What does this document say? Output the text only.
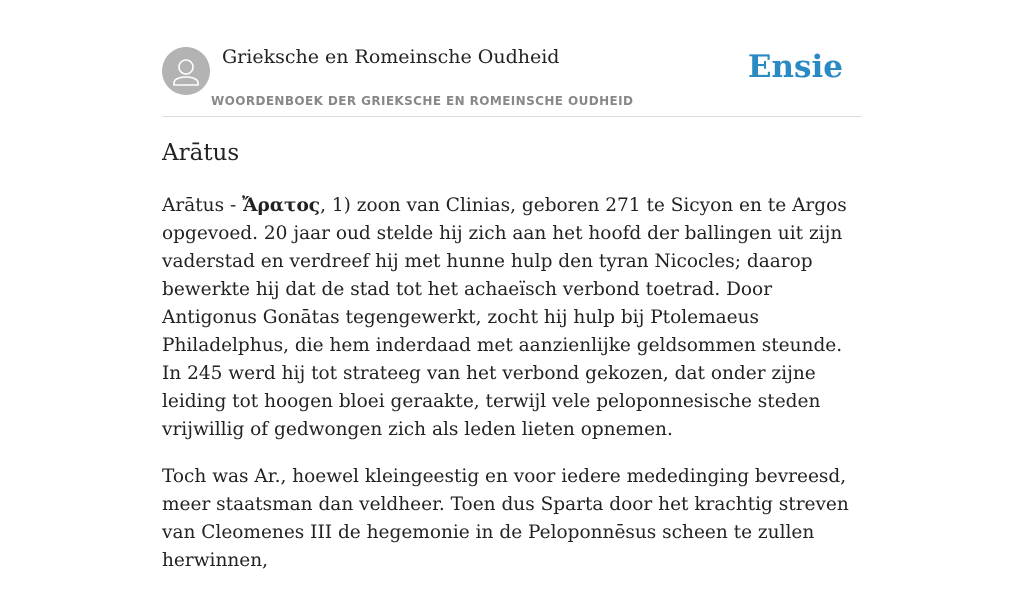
Grieksche en Romeinsche Oudheid
WOORDENBOEK DER GRIEKSCHE EN ROMEINSCHE OUDHEID
Ensie
Arātus

Arātus - Ἄρατος, 1) zoon van Clinias, geboren 271 te Sicyon en te Argos opgevoed. 20 jaar oud stelde hij zich aan het hoofd der ballingen uit zijn vaderstad en verdreef hij met hunne hulp den tyran Nicocles; daarop bewerkte hij dat de stad tot het achaeïsch verbond toetrad. Door Antigonus Gonātas tegengewerkt, zocht hij hulp bij Ptolemaeus Philadelphus, die hem inderdaad met aanzienlijke geldsommen steunde. In 245 werd hij tot strateeg van het verbond gekozen, dat onder zijne leiding tot hoogen bloei geraakte, terwijl vele peloponnesische steden vrijwillig of gedwongen zich als leden lieten opnemen.

Toch was Ar., hoewel kleingeestig en voor iedere mededinging bevreesd, meer staatsman dan veldheer. Toen dus Sparta door het krachtig streven van Cleomenes III de hegemonie in de Peloponnēsus scheen te zullen herwinnen,
